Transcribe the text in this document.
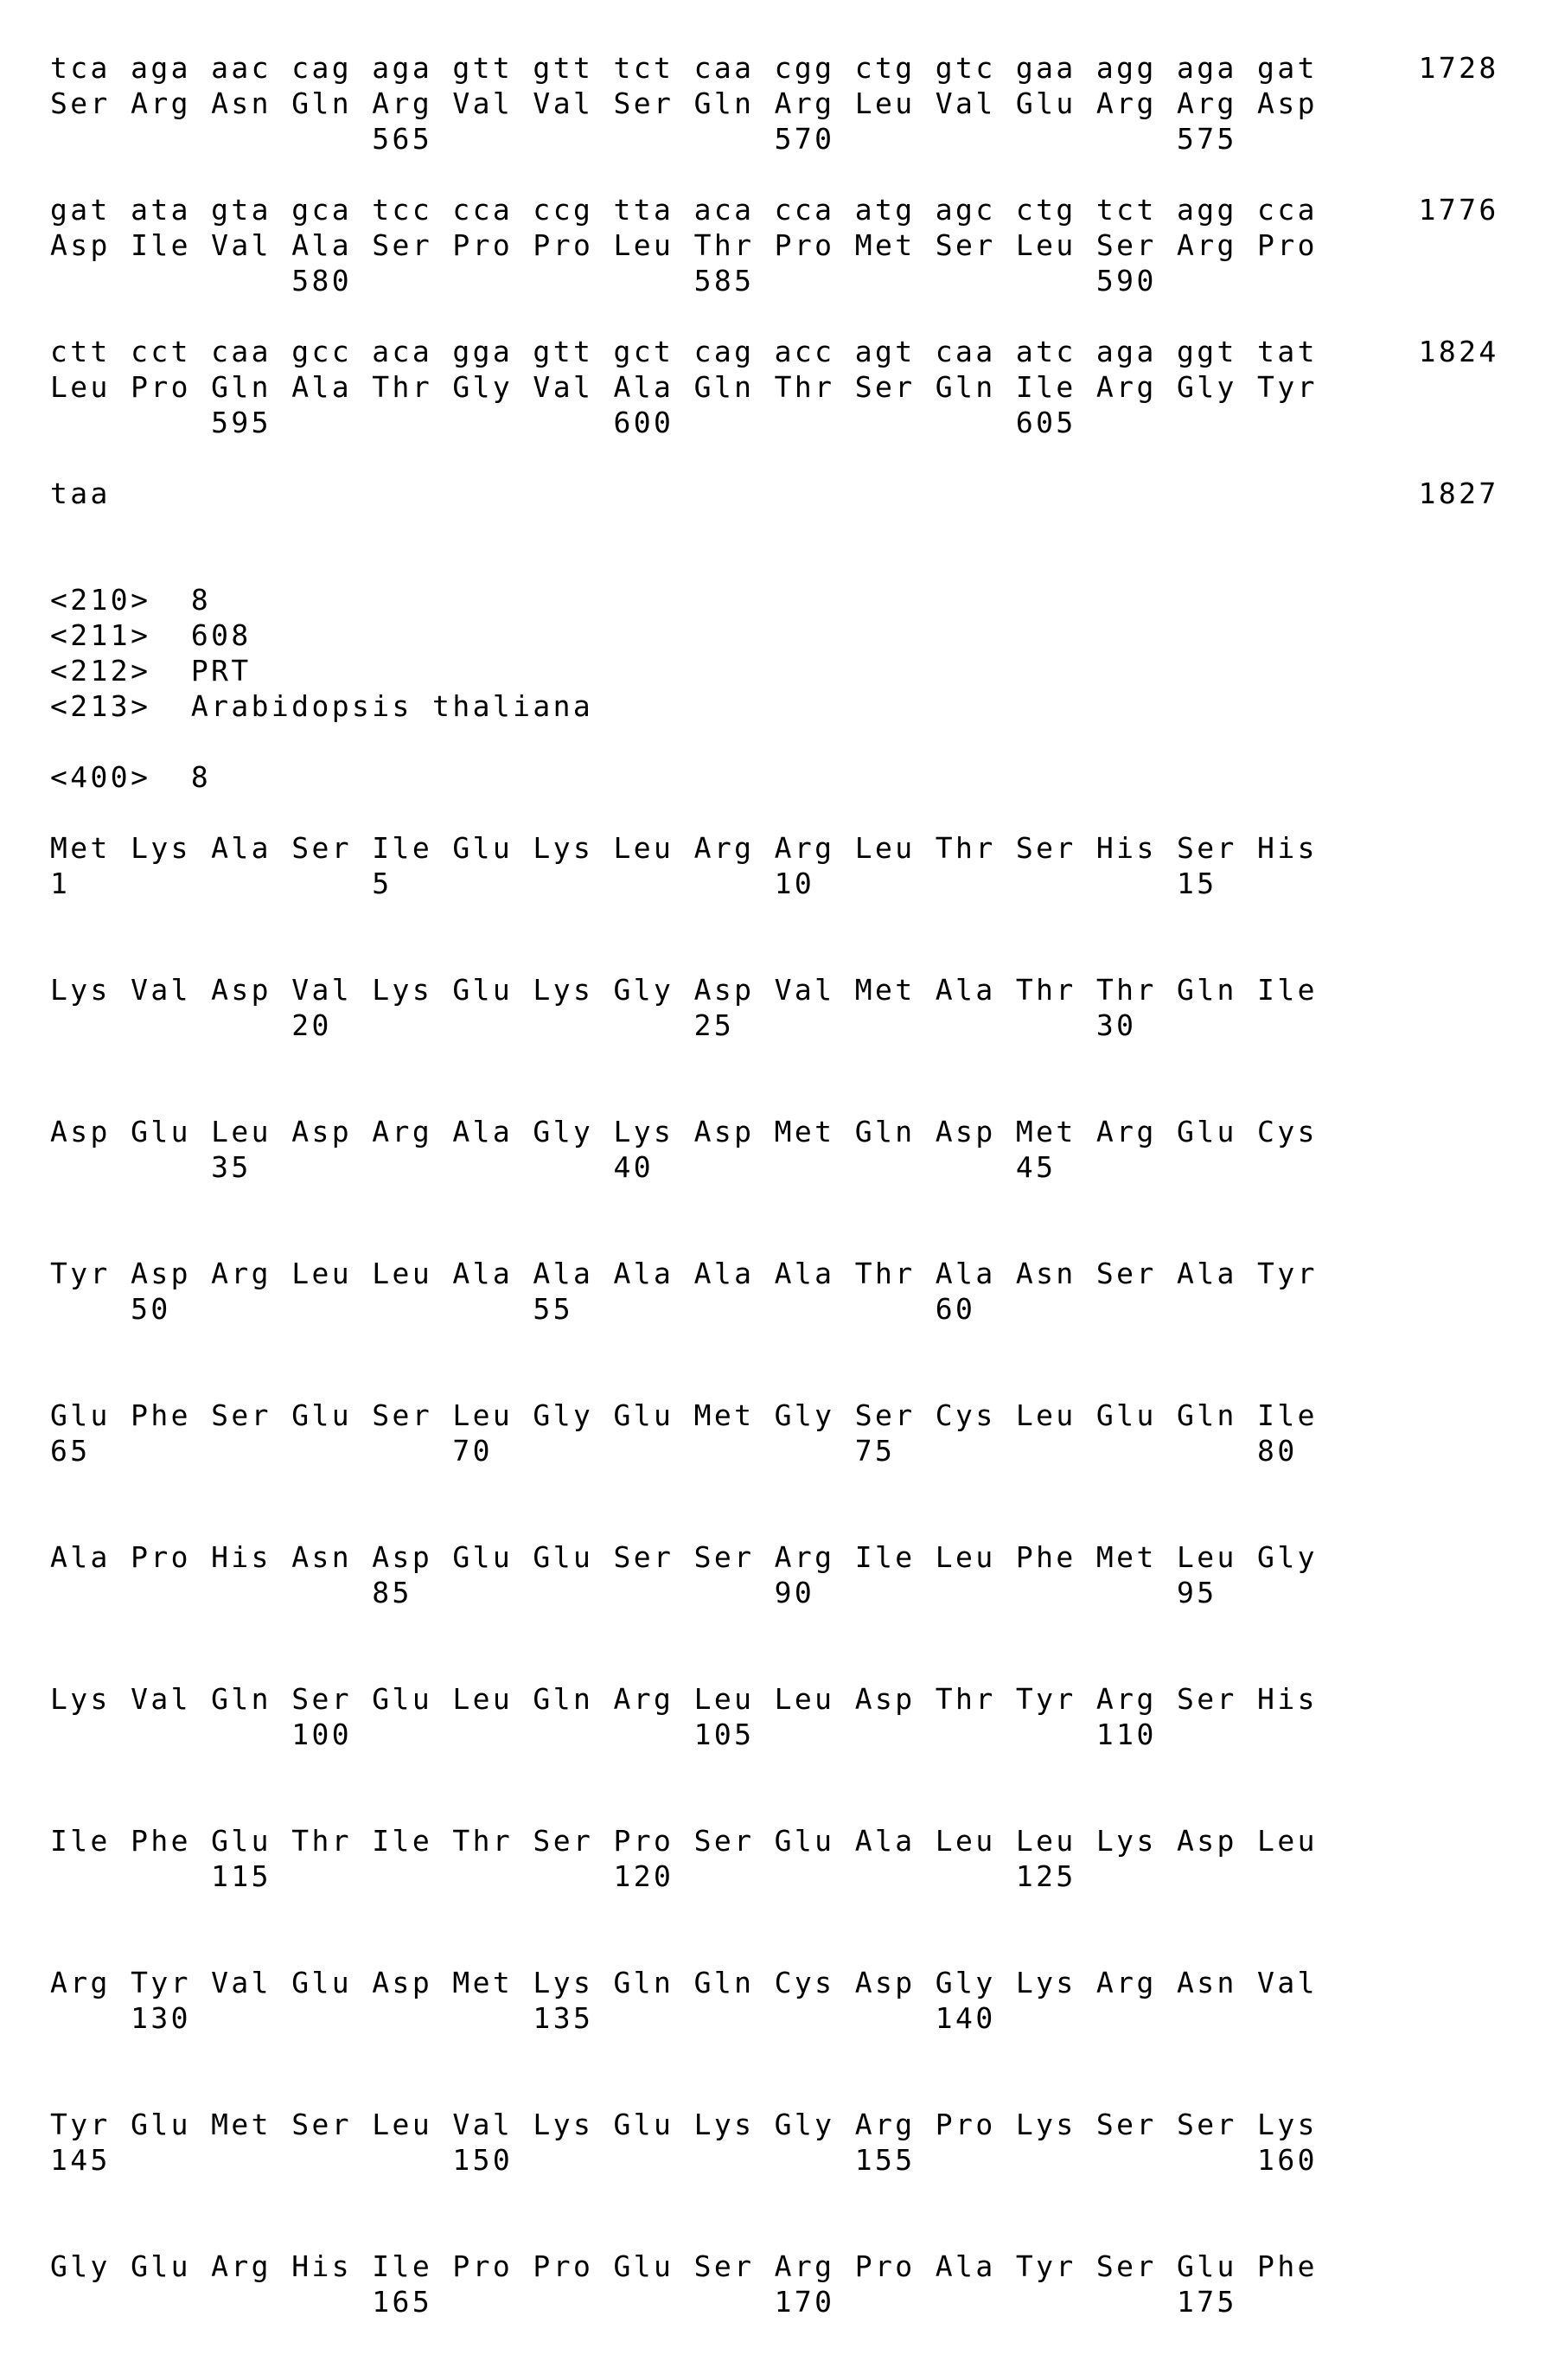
tca aga aac cag aga gtt gtt tct caa cgg ctg gtc gaa agg aga gat	1728
Ser Arg Asn Gln Arg Val Val Ser Gln Arg Leu Val Glu Arg Arg Asp
565                 570                 575
gat ata gta gca tcc cca ccg tta aca cca atg agc ctg tct agg cca	1776
Asp Ile Val Ala Ser Pro Pro Leu Thr Pro Met Ser Leu Ser Arg Pro
580                 585                 590
ctt cct caa gcc aca gga gtt gct cag acc agt caa atc aga ggt tat	1824
Leu Pro Gln Ala Thr Gly Val Ala Gln Thr Ser Gln Ile Arg Gly Tyr
595                 600                 605
taa	1827
<210> 8
<211> 608
<212> PRT
<213> Arabidopsis thaliana
<400> 8
Met Lys Ala Ser Ile Glu Lys Leu Arg Arg Leu Thr Ser His Ser His
1               5                   10                  15
Lys Val Asp Val Lys Glu Lys Gly Asp Val Met Ala Thr Thr Gln Ile
20                  25                  30
Asp Glu Leu Asp Arg Ala Gly Lys Asp Met Gln Asp Met Arg Glu Cys
35                  40                  45
Tyr Asp Arg Leu Leu Ala Ala Ala Ala Ala Thr Ala Asn Ser Ala Tyr
50                  55                  60
Glu Phe Ser Glu Ser Leu Gly Glu Met Gly Ser Cys Leu Glu Gln Ile
65                  70                  75                  80
Ala Pro His Asn Asp Glu Glu Ser Ser Arg Ile Leu Phe Met Leu Gly
85                  90                  95
Lys Val Gln Ser Glu Leu Gln Arg Leu Leu Asp Thr Tyr Arg Ser His
100                 105                 110
Ile Phe Glu Thr Ile Thr Ser Pro Ser Glu Ala Leu Leu Lys Asp Leu
115                 120                 125
Arg Tyr Val Glu Asp Met Lys Gln Gln Cys Asp Gly Lys Arg Asn Val
130                 135                 140
Tyr Glu Met Ser Leu Val Lys Glu Lys Gly Arg Pro Lys Ser Ser Lys
145                 150                 155                 160
Gly Glu Arg His Ile Pro Pro Glu Ser Arg Pro Ala Tyr Ser Glu Phe
165                 170                 175
